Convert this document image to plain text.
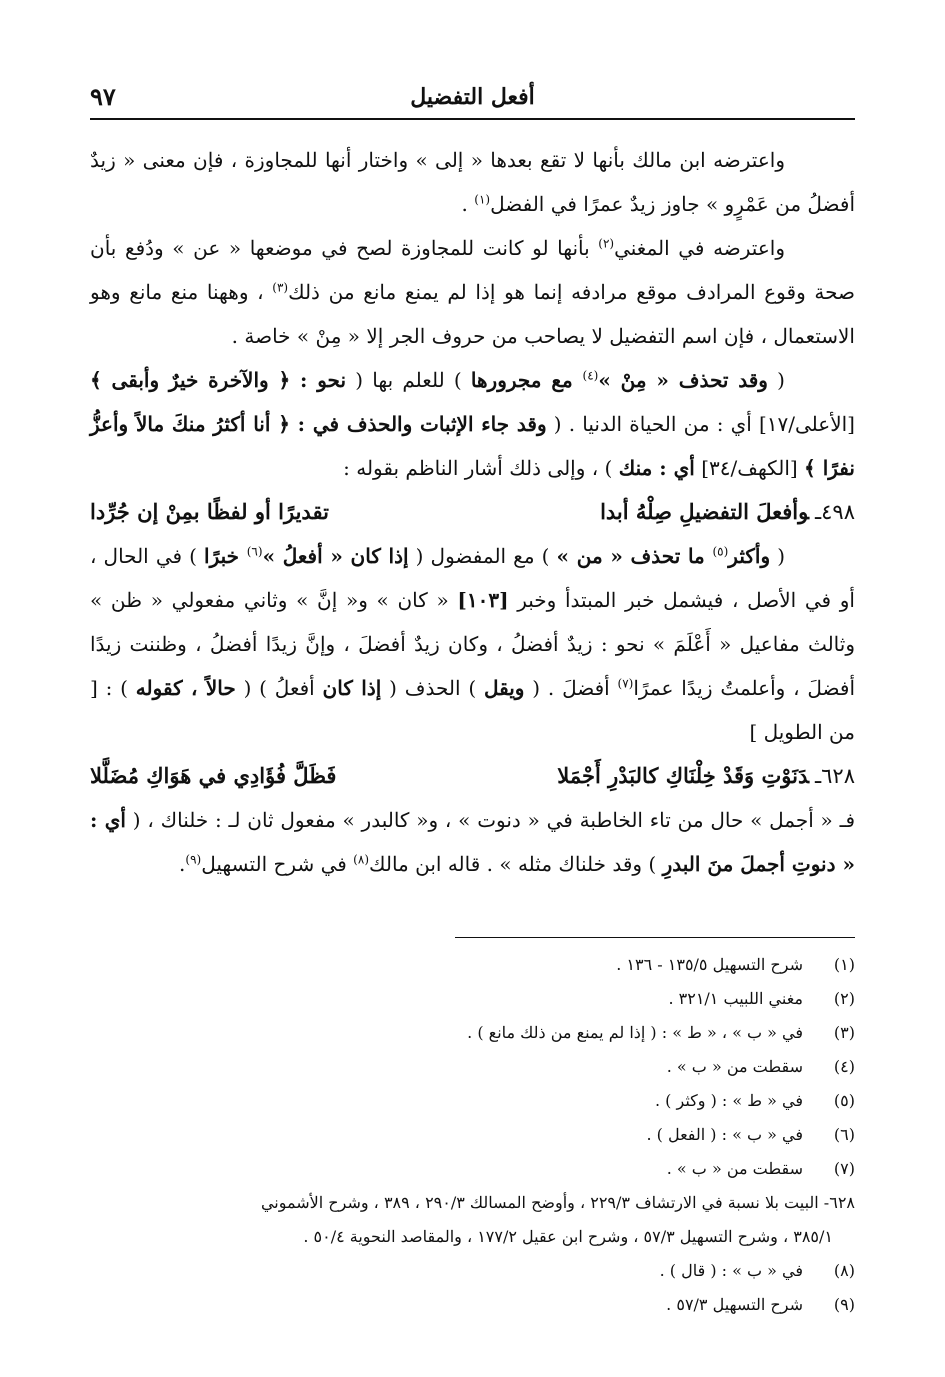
أفعل التفضيل
٩٧

واعترضه ابن مالك بأنها لا تقع بعدها « إلى » واختار أنها للمجاوزة ، فإن معنى « زيدٌ أفضلُ من عَمْرٍو » جاوز زيدٌ عمرًا في الفضل$^{(١)}$ .

واعترضه في المغني$^{(٢)}$ بأنها لو كانت للمجاوزة لصح في موضعها « عن » ودُفع بأن صحة وقوع المرادف موقع مرادفه إنما هو إذا لم يمنع مانع من ذلك$^{(٣)}$ ، وههنا منع مانع وهو الاستعمال ، فإن اسم التفضيل لا يصاحب من حروف الجر إلا « مِنْ » خاصة .

( وقد تحذف « مِنْ »$^{(٤)}$ مع مجرورها ) للعلم بها ( نحو : ﴿ والآخرة خيرٌ وأبقى ﴾ [الأعلى/١٧] أي : من الحياة الدنيا . ( وقد جاء الإثبات والحذف في : ﴿ أنا أكثرُ منكَ مالاً وأعزُّ نفرًا ﴾ [الكهف/٣٤] أي : منك ) ، وإلى ذلك أشار الناظم بقوله :

٤٩٨ـوأفعلَ التفضيلِ صِلْهُ أبدا
تقديرًا أو لفظًا بمِنْ إن جُرِّدا

( وأكثر$^{(٥)}$ ما تحذف « من » ) مع المفضول ( إذا كان « أفعلُ »$^{(٦)}$ خبرًا ) في الحال ، أو في الأصل ، فيشمل خبر المبتدأ وخبر [١٠٣] « كان » و« إنَّ » وثاني مفعولي « ظن » وثالث مفاعيل « أَعْلَمَ » نحو : زيدٌ أفضلُ ، وكان زيدٌ أفضلَ ، وإنَّ زيدًا أفضلُ ، وظننت زيدًا أفضلَ ، وأعلمتُ زيدًا عمرًا$^{(٧)}$ أفضلَ . ( ويقل ) الحذف ( إذا كان أفعلُ ) ( حالاً ، كقوله ) : [ من الطويل ]

٦٢٨ـدَنَوْتِ وَقَدْ خِلْنَاكِ كالبَدْرِ أَجْمَلا
فَظَلَّ فُؤَادِي في هَوَاكِ مُضَلَّلا

فـ « أجمل » حال من تاء الخاطبة في « دنوت » ، و« كالبدر » مفعول ثان لـ : خلناك ، ( أي : « دنوتِ أجملَ منَ البدرِ ) وقد خلناك مثله » . قاله ابن مالك$^{(٨)}$ في شرح التسهيل$^{(٩)}$.

(١)
شرح التسهيل ١٣٥/٥ - ١٣٦ .
(٢)
مغني اللبيب ٣٢١/١ .
(٣)
في « ب » ، « ط » : ( إذا لم يمنع من ذلك مانع ) .
(٤)
سقطت من « ب » .
(٥)
في « ط » : ( وكثر ) .
(٦)
في « ب » : ( الفعل ) .
(٧)
سقطت من « ب » .
٦٢٨- البيت بلا نسبة في الارتشاف ٢٢٩/٣ ، وأوضح المسالك ٢٩٠/٣ ، ٣٨٩ ، وشرح الأشموني
٣٨٥/١ ، وشرح التسهيل ٥٧/٣ ، وشرح ابن عقيل ١٧٧/٢ ، والمقاصد النحوية ٥٠/٤ .
(٨)
في « ب » : ( قال ) .
(٩)
شرح التسهيل ٥٧/٣ .
